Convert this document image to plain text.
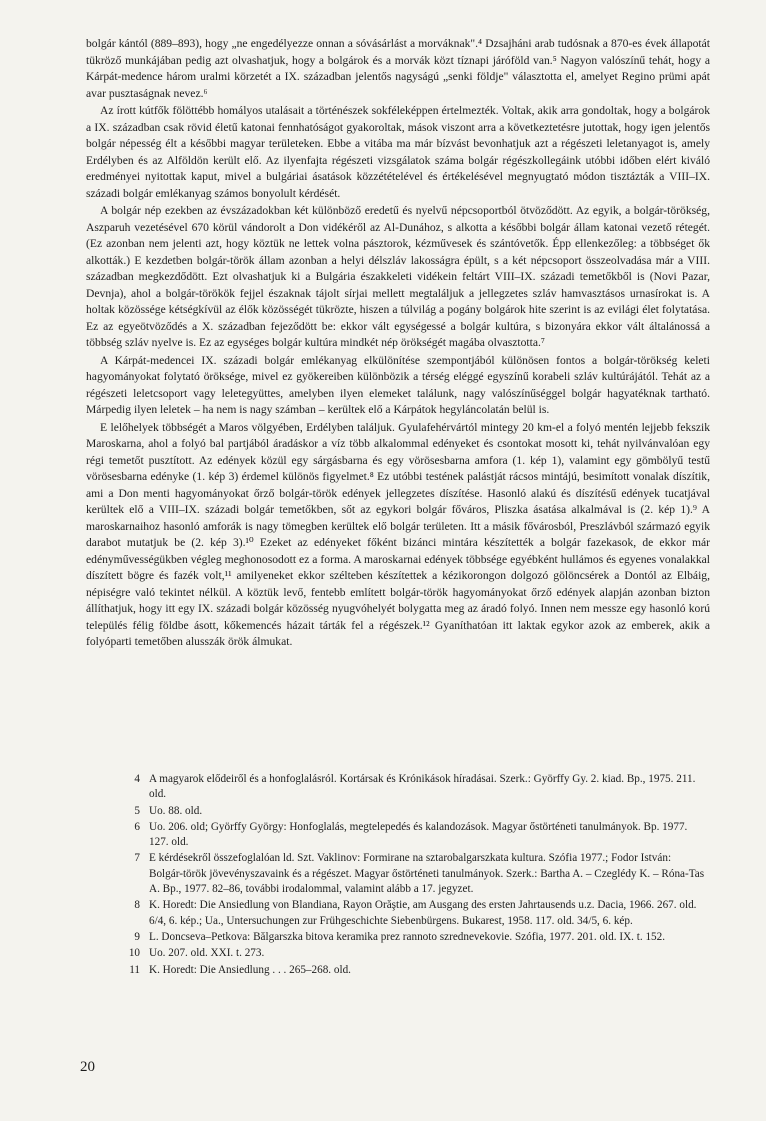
bolgár kántól (889–893), hogy „ne engedélyezze onnan a sóvásárlást a morváknak".⁴ Dzsajháni arab tudósnak a 870-es évek állapotát tükröző munkájában pedig azt olvashatjuk, hogy a bolgárok és a morvák közt tíznapi járóföld van.⁵ Nagyon valószínű tehát, hogy a Kárpát-medence három uralmi körzetét a IX. században jelentős nagyságú „senki földje" választotta el, amelyet Regino prümi apát avar pusztaságnak nevez.⁶

Az írott kútfők fölöttébb homályos utalásait a történészek sokféleképpen értelmezték. Voltak, akik arra gondoltak, hogy a bolgárok a IX. században csak rövid életű katonai fennhatóságot gyakoroltak, mások viszont arra a következtetésre jutottak, hogy igen jelentős bolgár népesség élt a későbbi magyar területeken. Ebbe a vitába ma már bízvást bevonhatjuk azt a régészeti leletanyagot is, amely Erdélyben és az Alföldön került elő. Az ilyenfajta régészeti vizsgálatok száma bolgár régészkollegáink utóbbi időben elért kiváló eredményei nyitottak kaput, mivel a bulgáriai ásatások közzétételével és értékelésével megnyugtató módon tisztázták a VIII–IX. századi bolgár emlékanyag számos bonyolult kérdését.

A bolgár nép ezekben az évszázadokban két különböző eredetű és nyelvű népcsoportból ötvöződött. Az egyik, a bolgár-törökség, Aszparuh vezetésével 670 körül vándorolt a Don vidékéről az Al-Dunához, s alkotta a későbbi bolgár állam katonai vezető rétegét. (Ez azonban nem jelenti azt, hogy köztük ne lettek volna pásztorok, kézművesek és szántóvetők. Épp ellenkezőleg: a többséget ők alkották.) E kezdetben bolgár-török állam azonban a helyi délszláv lakosságra épült, s a két népcsoport összeolvadása már a VIII. században megkezdődött. Ezt olvashatjuk ki a Bulgária északkeleti vidékein feltárt VIII–IX. századi temetőkből is (Novi Pazar, Devnja), ahol a bolgár-törökök fejjel északnak tájolt sírjai mellett megtaláljuk a jellegzetes szláv hamvasztásos urnasírokat is. A holtak közössége kétségkívül az élők közösségét tükrözte, hiszen a túlvilág a pogány bolgárok hite szerint is az evilági élet folytatása. Ez az egyeötvöződés a X. században fejeződött be: ekkor vált egységessé a bolgár kultúra, s bizonyára ekkor vált általánossá a többség szláv nyelve is. Ez az egységes bolgár kultúra mindkét nép örökségét magába olvasztotta.⁷

A Kárpát-medencei IX. századi bolgár emlékanyag elkülönítése szempontjából különösen fontos a bolgár-törökség keleti hagyományokat folytató öröksége, mivel ez gyökereiben különbözik a térség eléggé egyszínű korabeli szláv kultúrájától. Tehát az a régészeti leletcsoport vagy leletegyüttes, amelyben ilyen elemeket találunk, nagy valószínűséggel bolgár hagyatéknak tartható. Márpedig ilyen leletek – ha nem is nagy számban – kerültek elő a Kárpátok hegyláncolatán belül is.

E lelőhelyek többségét a Maros völgyében, Erdélyben találjuk. Gyulafehérvártól mintegy 20 km-el a folyó mentén lejjebb fekszik Maroskarna, ahol a folyó bal partjából áradáskor a víz több alkalommal edényeket és csontokat mosott ki, tehát nyilvánvalóan egy régi temetőt pusztított. Az edények közül egy sárgásbarna és egy vörösesbarna amfora (1. kép 1), valamint egy gömbölyű testű vörösesbarna edényke (1. kép 3) érdemel különös figyelmet.⁸ Ez utóbbi testének palástját rácsos mintájú, besimított vonalak díszítik, ami a Don menti hagyományokat őrző bolgár-török edények jellegzetes díszítése. Hasonló alakú és díszítésű edények tucatjával kerültek elő a VIII–IX. századi bolgár temetőkben, sőt az egykori bolgár főváros, Pliszka ásatása alkalmával is (2. kép 1).⁹ A maroskarnaihoz hasonló amforák is nagy tömegben kerültek elő bolgár területen. Itt a másik fővárosból, Preszlávból származó egyik darabot mutatjuk be (2. kép 3).¹⁰ Ezeket az edényeket főként bizánci mintára készítették a bolgár fazekasok, de ekkor már edényművességükben végleg meghonosodott ez a forma. A maroskarnai edények többsége egyébként hullámos és egyenes vonalakkal díszített bögre és fazék volt,¹¹ amilyeneket ekkor szélteben készítettek a kézikorongon dolgozó gölöncsérek a Dontól az Elbáig, népiségre való tekintet nélkül. A köztük levő, fentebb említett bolgár-török hagyományokat őrző edények alapján azonban bizton állíthatjuk, hogy itt egy IX. századi bolgár közösség nyugvóhelyét bolygatta meg az áradó folyó. Innen nem messze egy hasonló korú település félig földbe ásott, kőkemencés házait tárták fel a régészek.¹² Gyaníthatóan itt laktak egykor azok az emberek, akik a folyóparti temetőben alusszák örök álmukat.

4 A magyarok elődeiről és a honfoglalásról. Kortársak és Krónikások híradásai. Szerk.: Györffy Gy. 2. kiad. Bp., 1975. 211. old.
5 Uo. 88. old.
6 Uo. 206. old; Györffy György: Honfoglalás, megtelepedés és kalandozások. Magyar őstörténeti tanulmányok. Bp. 1977. 127. old.
7 E kérdésekről összefoglalóan ld. Szt. Vaklinov: Formirane na sztarobalgarszkata kultura. Szófia 1977.; Fodor István: Bolgár-török jövevényszavaink és a régészet. Magyar őstörténeti tanulmányok. Szerk.: Bartha A. – Czeglédy K. – Róna-Tas A. Bp., 1977. 82–86, további irodalommal, valamint alább a 17. jegyzet.
8 K. Horedt: Die Ansiedlung von Blandiana, Rayon Orăştie, am Ausgang des ersten Jahrtausends u.z. Dacia, 1966. 267. old. 6/4, 6. kép.; Ua., Untersuchungen zur Frühgeschichte Siebenbürgens. Bukarest, 1958. 117. old. 34/5, 6. kép.
9 L. Doncseva–Petkova: Bălgarszka bitova keramika prez rannoto szrednevekovie. Szófia, 1977. 201. old. IX. t. 152.
10 Uo. 207. old. XXI. t. 273.
11 K. Horedt: Die Ansiedlung . . . 265–268. old.
20
